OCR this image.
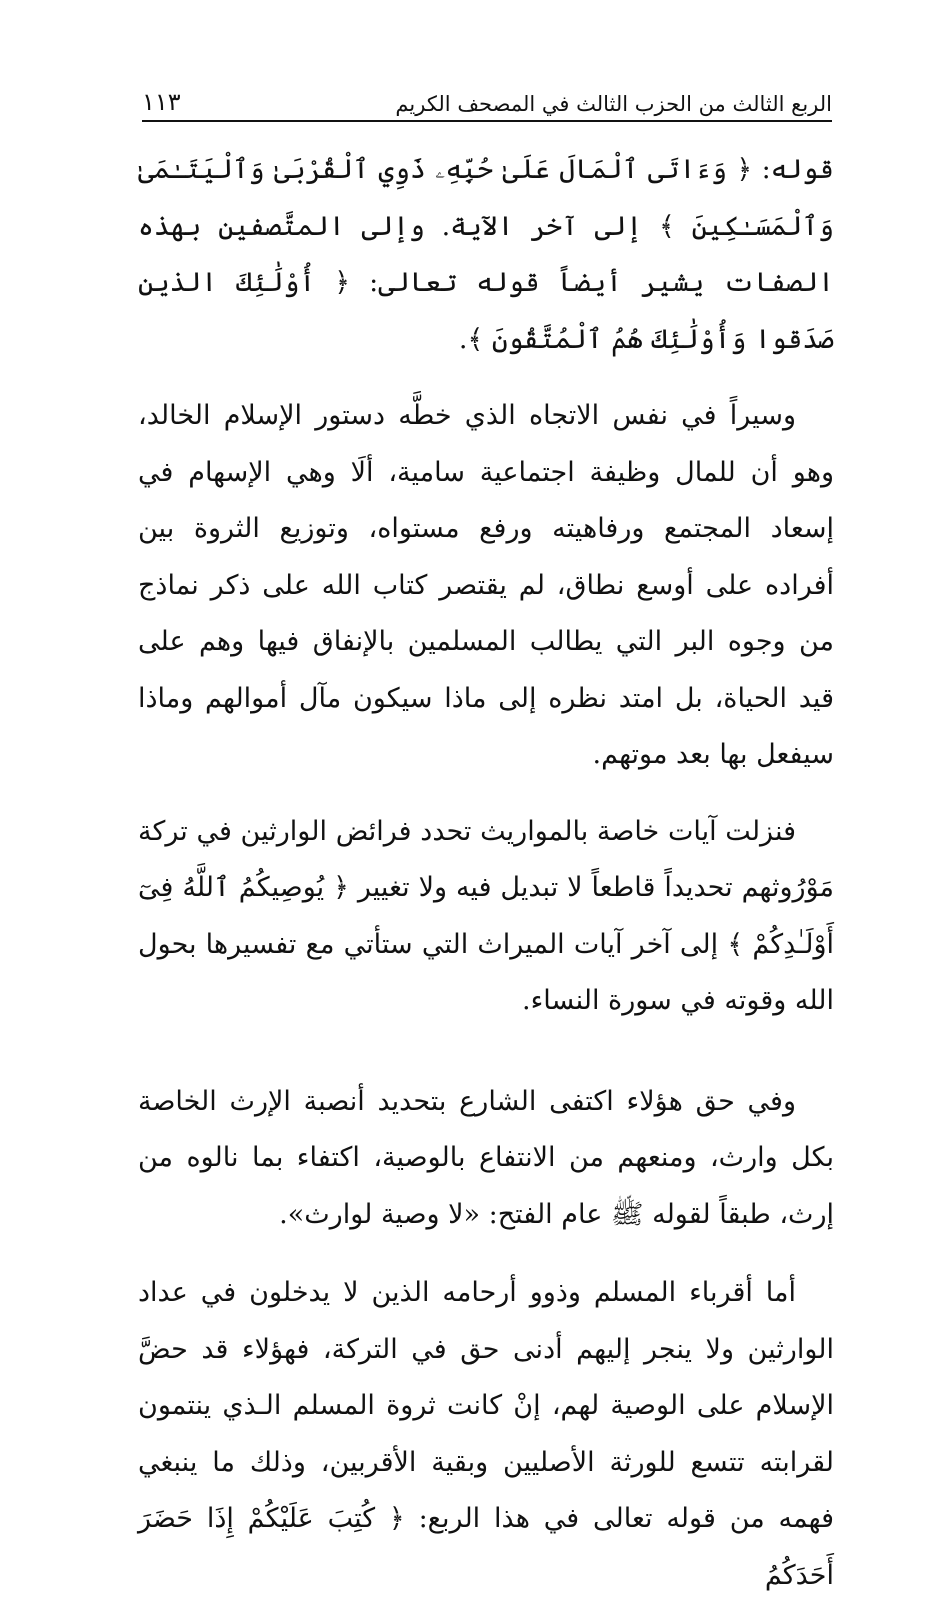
الربع الثالث من الحزب الثالث في المصحف الكريم
١١٣

قوله: ﴿ وَءَاتَى ٱلْمَالَ عَلَىٰ حُبِّهِۦ ذَوِي ٱلْقُرْبَىٰ وَٱلْيَتَـٰمَىٰ وَٱلْمَسَـٰكِينَ ﴾ إلى آخر الآية. وإلى المتَّصفين بهذه الصفات يشير أيضاً قوله تعالى: ﴿ أُوْلَٰئِكَ الذين صَدَقوا وَأُوْلَٰئِكَ هُمُ ٱلْمُتَّقُونَ ﴾.

وسيراً في نفس الاتجاه الذي خطَّه دستور الإسلام الخالد، وهو أن للمال وظيفة اجتماعية سامية، ألَا وهي الإسهام في إسعاد المجتمع ورفاهيته ورفع مستواه، وتوزيع الثروة بين أفراده على أوسع نطاق، لم يقتصر كتاب الله على ذكر نماذج من وجوه البر التي يطالب المسلمين بالإنفاق فيها وهم على قيد الحياة، بل امتد نظره إلى ماذا سيكون مآل أموالهم وماذا سيفعل بها بعد موتهم.

فنزلت آيات خاصة بالمواريث تحدد فرائض الوارثين في تركة مَوْرُوثهم تحديداً قاطعاً لا تبديل فيه ولا تغيير ﴿ يُوصِيكُمُ ٱللَّهُ فِىٓ أَوْلَـٰدِكُمْ ﴾ إلى آخر آيات الميراث التي ستأتي مع تفسيرها بحول الله وقوته في سورة النساء.

وفي حق هؤلاء اكتفى الشارع بتحديد أنصبة الإرث الخاصة بكل وارث، ومنعهم من الانتفاع بالوصية، اكتفاء بما نالوه من إرث، طبقاً لقوله ﷺ عام الفتح: «لا وصية لوارث».

أما أقرباء المسلم وذوو أرحامه الذين لا يدخلون في عداد الوارثين ولا ينجر إليهم أدنى حق في التركة، فهؤلاء قد حضَّ الإسلام على الوصية لهم، إنْ كانت ثروة المسلم الـذي ينتمون لقرابته تتسع للورثة الأصليين وبقية الأقربين، وذلك ما ينبغي فهمه من قوله تعالى في هذا الربع: ﴿ كُتِبَ عَلَيْكُمْ إِذَا حَضَرَ أَحَدَكُمُ
